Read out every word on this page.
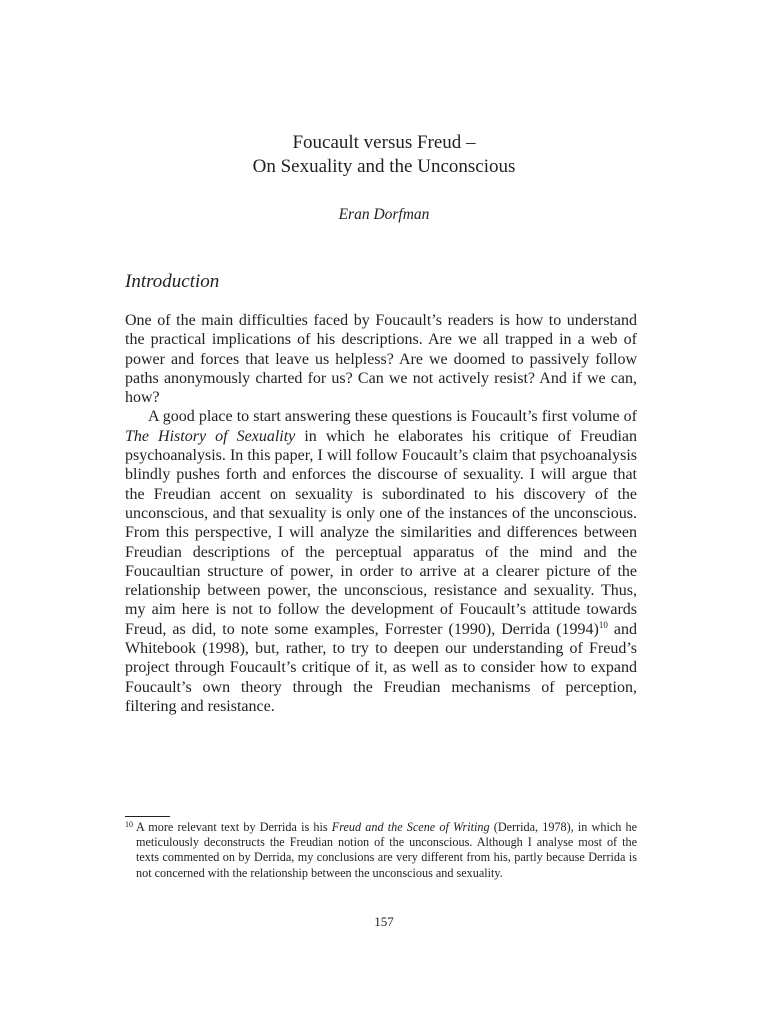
Foucault versus Freud –
On Sexuality and the Unconscious
Eran Dorfman
Introduction

One of the main difficulties faced by Foucault’s readers is how to understand the practical implications of his descriptions. Are we all trapped in a web of power and forces that leave us helpless? Are we doomed to passively follow paths anonymously charted for us? Can we not actively resist? And if we can, how?

A good place to start answering these questions is Foucault’s first volume of The History of Sexuality in which he elaborates his critique of Freudian psychoanalysis. In this paper, I will follow Foucault’s claim that psychoanalysis blindly pushes forth and enforces the discourse of sexuality. I will argue that the Freudian accent on sexuality is subordinated to his discovery of the unconscious, and that sexuality is only one of the instances of the unconscious. From this perspective, I will analyze the similarities and differences between Freudian descriptions of the perceptual apparatus of the mind and the Foucaultian structure of power, in order to arrive at a clearer picture of the relationship between power, the unconscious, resistance and sexuality. Thus, my aim here is not to follow the development of Foucault’s attitude towards Freud, as did, to note some examples, Forrester (1990), Derrida $(1994)^{10}$ and Whitebook (1998), but, rather, to try to deepen our understanding of Freud’s project through Foucault’s critique of it, as well as to consider how to expand Foucault’s own theory through the Freudian mechanisms of perception, filtering and resistance.

10 A more relevant text by Derrida is his Freud and the Scene of Writing (Derrida, 1978), in which he meticulously deconstructs the Freudian notion of the unconscious. Although I analyse most of the texts commented on by Derrida, my conclusions are very different from his, partly because Derrida is not concerned with the relationship between the unconscious and sexuality.
157
